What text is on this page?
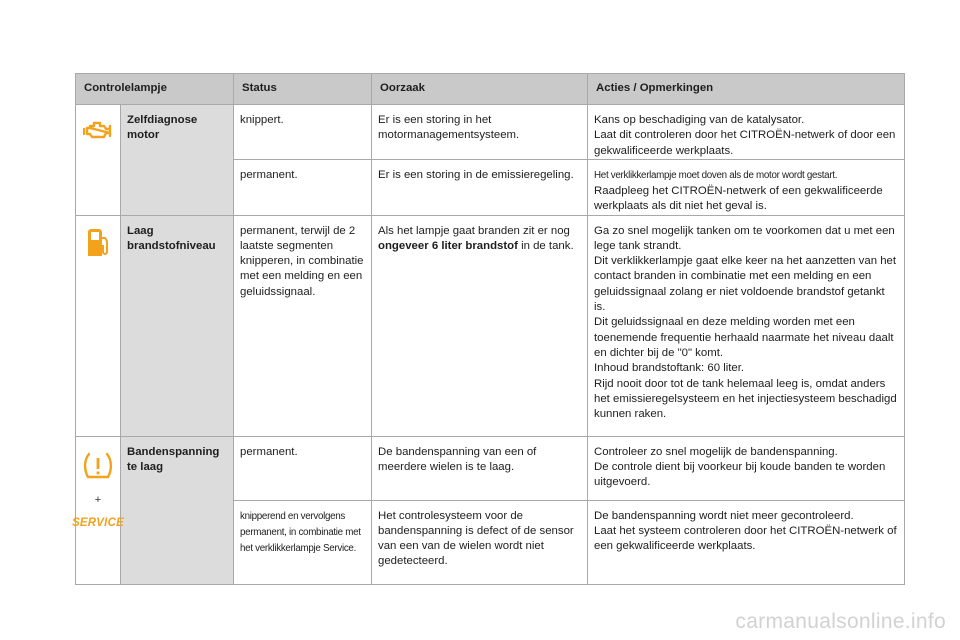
Controlelampje		Status	Oorzaak	Acties / Opmerkingen

	Zelfdiagnose motor	knippert.	Er is een storing in het motormanagementsysteem.	Kans op beschadiging van de katalysator.
Laat dit controleren door het CITROËN-netwerk of door een gekwalificeerde werkplaats.

		permanent.	Er is een storing in de emissieregeling.	Het verklikkerlampje moet doven als de motor wordt gestart.
Raadpleeg het CITROËN-netwerk of een gekwalificeerde werkplaats als dit niet het geval is.

	Laag brandstofniveau	permanent, terwijl de 2 laatste segmenten knipperen, in combinatie met een melding en een geluidssignaal.	Als het lampje gaat branden zit er nog ongeveer 6 liter brandstof in de tank.	Ga zo snel mogelijk tanken om te voorkomen dat u met een lege tank strandt.
Dit verklikkerlampje gaat elke keer na het aanzetten van het contact branden in combinatie met een melding en een geluidssignaal zolang er niet voldoende brandstof getankt is.
Dit geluidssignaal en deze melding worden met een toenemende frequentie herhaald naarmate het niveau daalt en dichter bij de "0" komt.
Inhoud brandstoftank: 60 liter.
Rijd nooit door tot de tank helemaal leeg is, omdat anders het emissieregelsysteem en het injectiesysteem beschadigd kunnen raken.

+
SERVICE	Bandenspanning te laag	permanent.	De bandenspanning van een of meerdere wielen is te laag.	Controleer zo snel mogelijk de bandenspanning.
De controle dient bij voorkeur bij koude banden te worden uitgevoerd.

		knipperend en vervolgens permanent, in combinatie met het verklikkerlampje Service.	Het controlesysteem voor de bandenspanning is defect of de sensor van een van de wielen wordt niet gedetecteerd.	De bandenspanning wordt niet meer gecontroleerd.
Laat het systeem controleren door het CITROËN-netwerk of een gekwalificeerde werkplaats.
carmanualsonline.info
